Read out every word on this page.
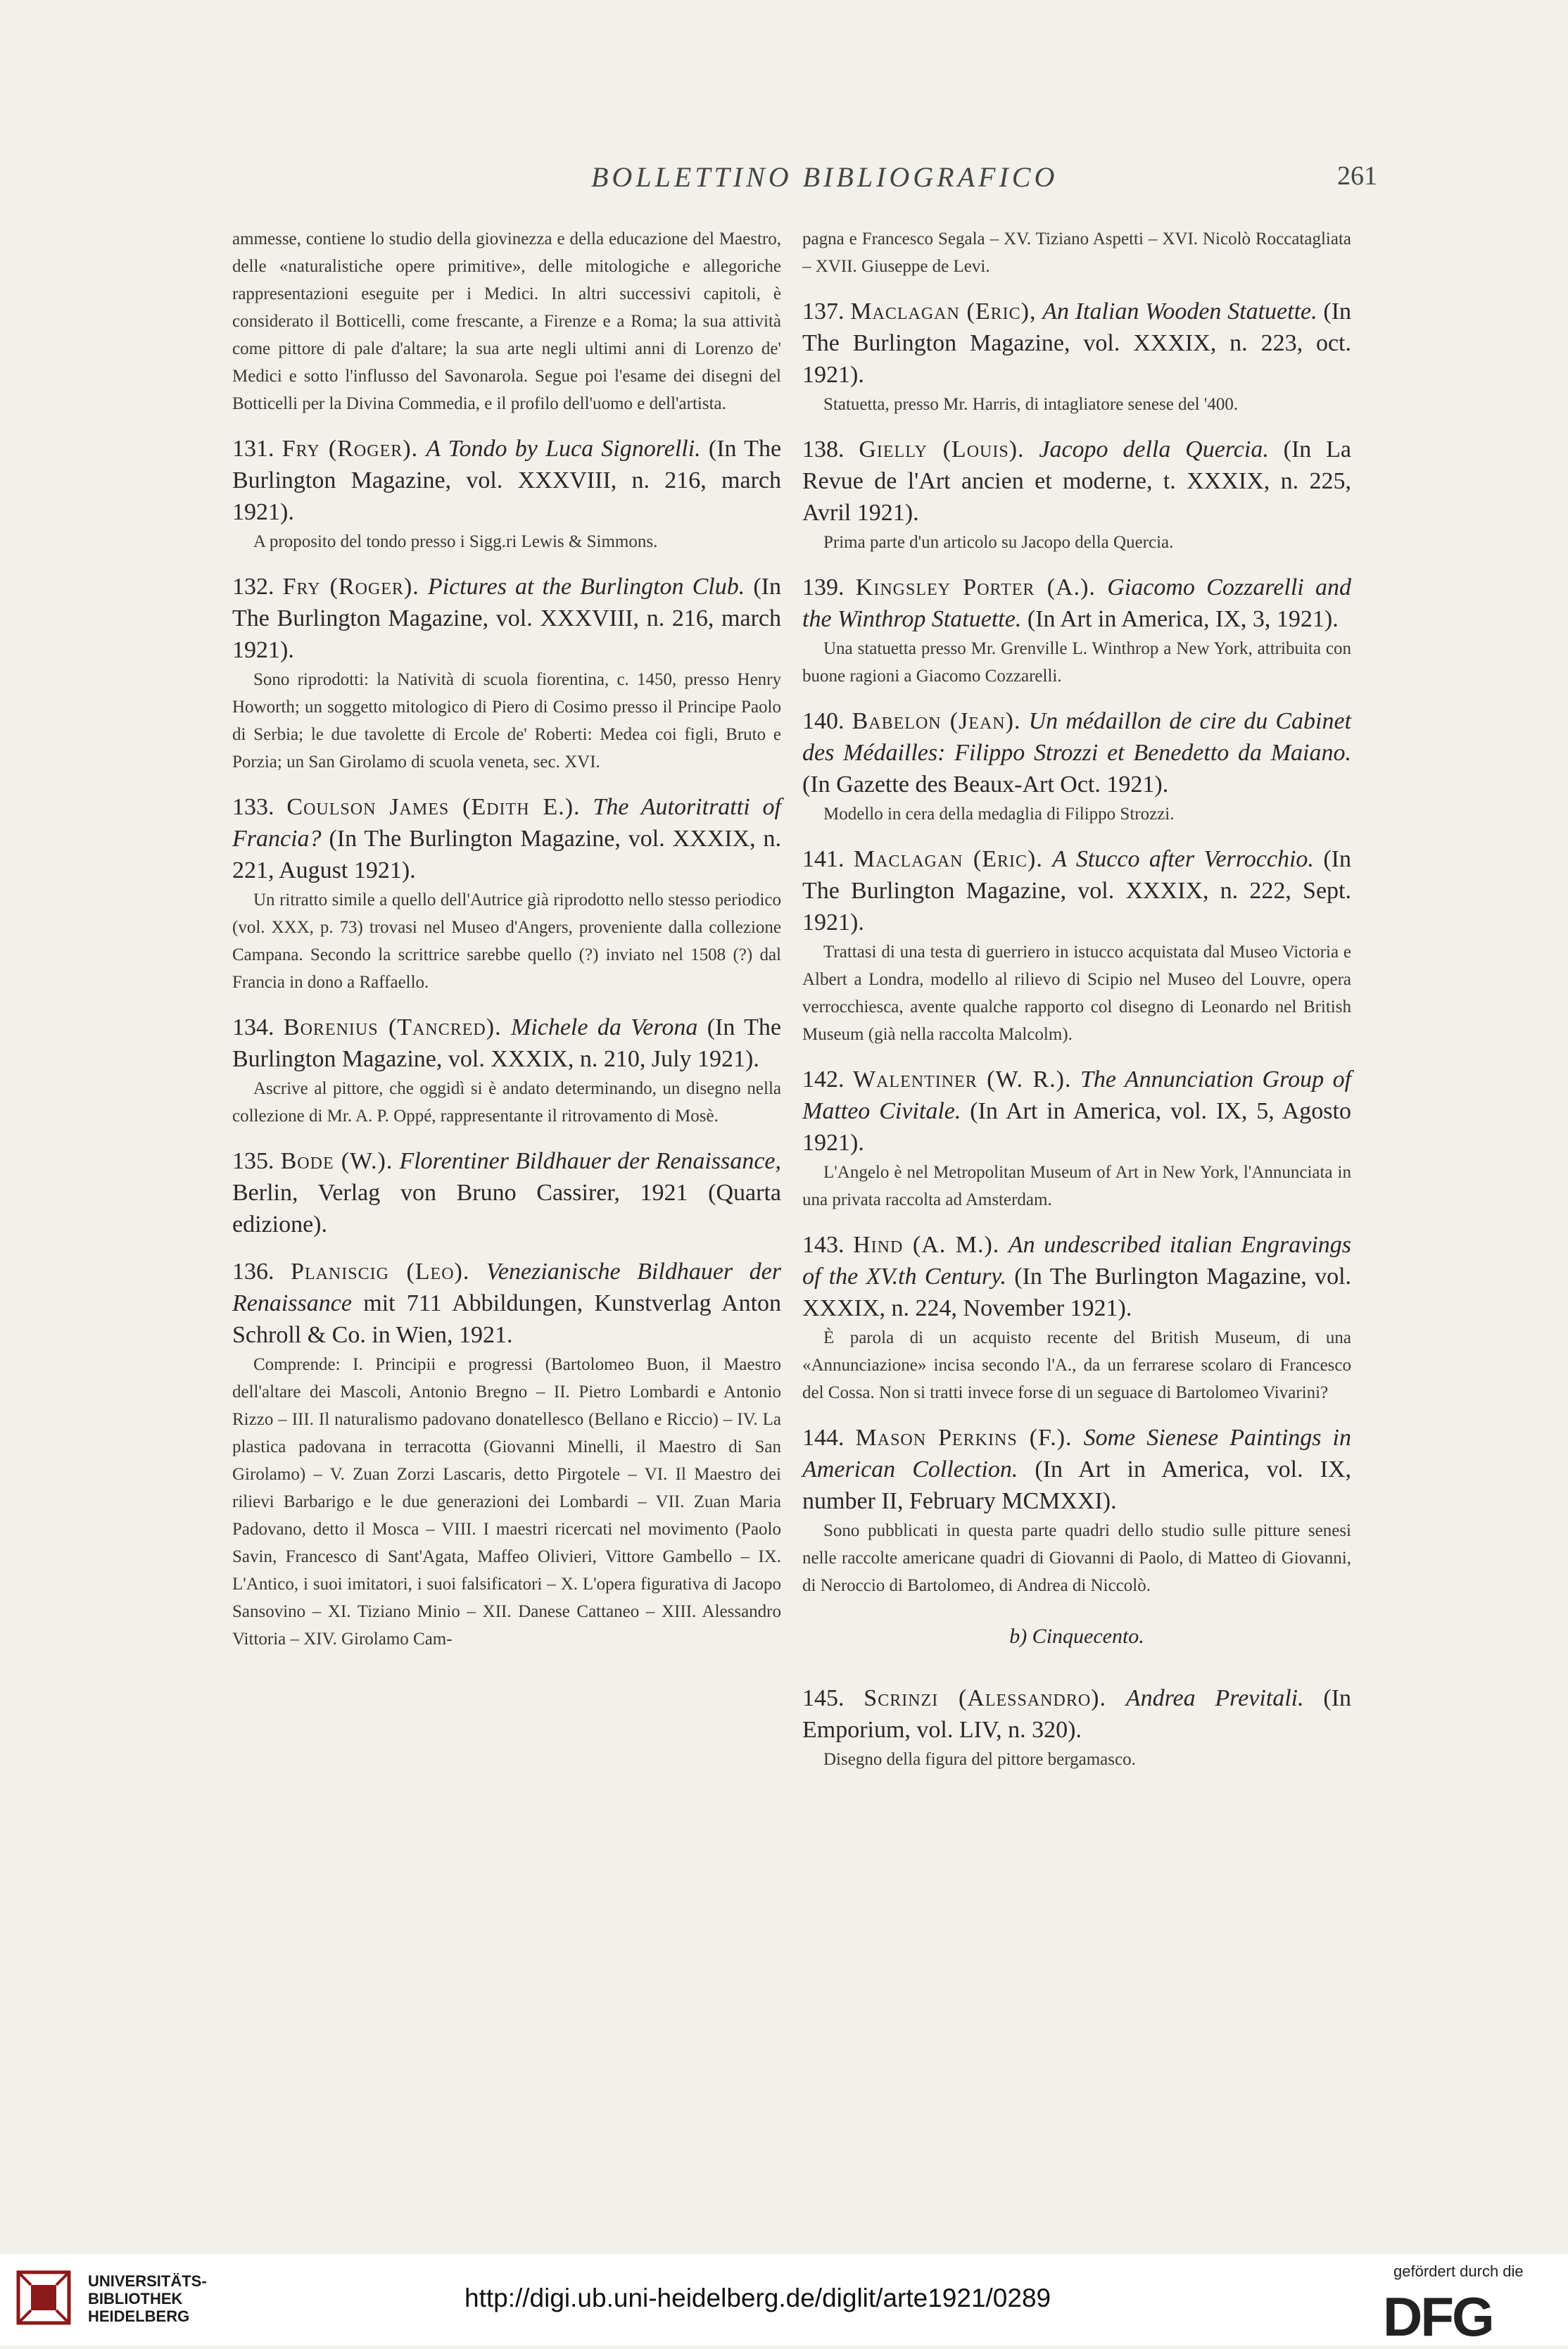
BOLLETTINO BIBLIOGRAFICO	261

ammesse, contiene lo studio della giovinezza e della educazione del Maestro, delle «naturalistiche opere primitive», delle mitologiche e allegoriche rappresentazioni eseguite per i Medici. In altri successivi capitoli, è considerato il Botticelli, come frescante, a Firenze e a Roma; la sua attività come pittore di pale d'altare; la sua arte negli ultimi anni di Lorenzo de' Medici e sotto l'influsso del Savonarola. Segue poi l'esame dei disegni del Botticelli per la Divina Commedia, e il profilo dell'uomo e dell'artista.

131. Fry (Roger). A Tondo by Luca Signorelli. (In The Burlington Magazine, vol. XXXVIII, n. 216, march 1921).

A proposito del tondo presso i Sigg.ri Lewis & Simmons.

132. Fry (Roger). Pictures at the Burlington Club. (In The Burlington Magazine, vol. XXXVIII, n. 216, march 1921).

Sono riprodotti: la Natività di scuola fiorentina, c. 1450, presso Henry Howorth; un soggetto mitologico di Piero di Cosimo presso il Principe Paolo di Serbia; le due tavolette di Ercole de' Roberti: Medea coi figli, Bruto e Porzia; un San Girolamo di scuola veneta, sec. XVI.

133. Coulson James (Edith E.). The Autoritratti of Francia? (In The Burlington Magazine, vol. XXXIX, n. 221, August 1921).

Un ritratto simile a quello dell'Autrice già riprodotto nello stesso periodico (vol. XXX, p. 73) trovasi nel Museo d'Angers, proveniente dalla collezione Campana. Secondo la scrittrice sarebbe quello (?) inviato nel 1508 (?) dal Francia in dono a Raffaello.

134. Borenius (Tancred). Michele da Verona (In The Burlington Magazine, vol. XXXIX, n. 210, July 1921).

Ascrive al pittore, che oggidì si è andato determinando, un disegno nella collezione di Mr. A. P. Oppé, rappresentante il ritrovamento di Mosè.

135. Bode (W.). Florentiner Bildhauer der Renaissance, Berlin, Verlag von Bruno Cassirer, 1921 (Quarta edizione).

136. Planiscig (Leo). Venezianische Bildhauer der Renaissance mit 711 Abbildungen, Kunstverlag Anton Schroll & Co. in Wien, 1921.

Comprende: I. Principii e progressi (Bartolomeo Buon, il Maestro dell'altare dei Mascoli, Antonio Bregno – II. Pietro Lombardi e Antonio Rizzo – III. Il naturalismo padovano donatellesco (Bellano e Riccio) – IV. La plastica padovana in terracotta (Giovanni Minelli, il Maestro di San Girolamo) – V. Zuan Zorzi Lascaris, detto Pirgotele – VI. Il Maestro dei rilievi Barbarigo e le due generazioni dei Lombardi – VII. Zuan Maria Padovano, detto il Mosca – VIII. I maestri ricercati nel movimento (Paolo Savin, Francesco di Sant'Agata, Maffeo Olivieri, Vittore Gambello – IX. L'Antico, i suoi imitatori, i suoi falsificatori – X. L'opera figurativa di Jacopo Sansovino – XI. Tiziano Minio – XII. Danese Cattaneo – XIII. Alessandro Vittoria – XIV. Girolamo Cam-

pagna e Francesco Segala – XV. Tiziano Aspetti – XVI. Nicolò Roccatagliata – XVII. Giuseppe de Levi.

137. Maclagan (Eric), An Italian Wooden Statuette. (In The Burlington Magazine, vol. XXXIX, n. 223, oct. 1921).

Statuetta, presso Mr. Harris, di intagliatore senese del '400.

138. Gielly (Louis). Jacopo della Quercia. (In La Revue de l'Art ancien et moderne, t. XXXIX, n. 225, Avril 1921).

Prima parte d'un articolo su Jacopo della Quercia.

139. Kingsley Porter (A.). Giacomo Cozzarelli and the Winthrop Statuette. (In Art in America, IX, 3, 1921).

Una statuetta presso Mr. Grenville L. Winthrop a New York, attribuita con buone ragioni a Giacomo Cozzarelli.

140. Babelon (Jean). Un médaillon de cire du Cabinet des Médailles: Filippo Strozzi et Benedetto da Maiano. (In Gazette des Beaux-Art Oct. 1921).

Modello in cera della medaglia di Filippo Strozzi.

141. Maclagan (Eric). A Stucco after Verrocchio. (In The Burlington Magazine, vol. XXXIX, n. 222, Sept. 1921).

Trattasi di una testa di guerriero in istucco acquistata dal Museo Victoria e Albert a Londra, modello al rilievo di Scipio nel Museo del Louvre, opera verrocchiesca, avente qualche rapporto col disegno di Leonardo nel British Museum (già nella raccolta Malcolm).

142. Walentiner (W. R.). The Annunciation Group of Matteo Civitale. (In Art in America, vol. IX, 5, Agosto 1921).

L'Angelo è nel Metropolitan Museum of Art in New York, l'Annunciata in una privata raccolta ad Amsterdam.

143. Hind (A. M.). An undescribed italian Engravings of the XV.th Century. (In The Burlington Magazine, vol. XXXIX, n. 224, November 1921).

È parola di un acquisto recente del British Museum, di una «Annunciazione» incisa secondo l'A., da un ferrarese scolaro di Francesco del Cossa. Non si tratti invece forse di un seguace di Bartolomeo Vivarini?

144. Mason Perkins (F.). Some Sienese Paintings in American Collection. (In Art in America, vol. IX, number II, February MCMXXI).

Sono pubblicati in questa parte quadri dello studio sulle pitture senesi nelle raccolte americane quadri di Giovanni di Paolo, di Matteo di Giovanni, di Neroccio di Bartolomeo, di Andrea di Niccolò.

b) Cinquecento.

145. Scrinzi (Alessandro). Andrea Previtali. (In Emporium, vol. LIV, n. 320).

Disegno della figura del pittore bergamasco.

UNIVERSITÄTS-
BIBLIOTHEK
HEIDELBERG
http://digi.ub.uni-heidelberg.de/diglit/arte1921/0289
gefördert durch die
DFG
